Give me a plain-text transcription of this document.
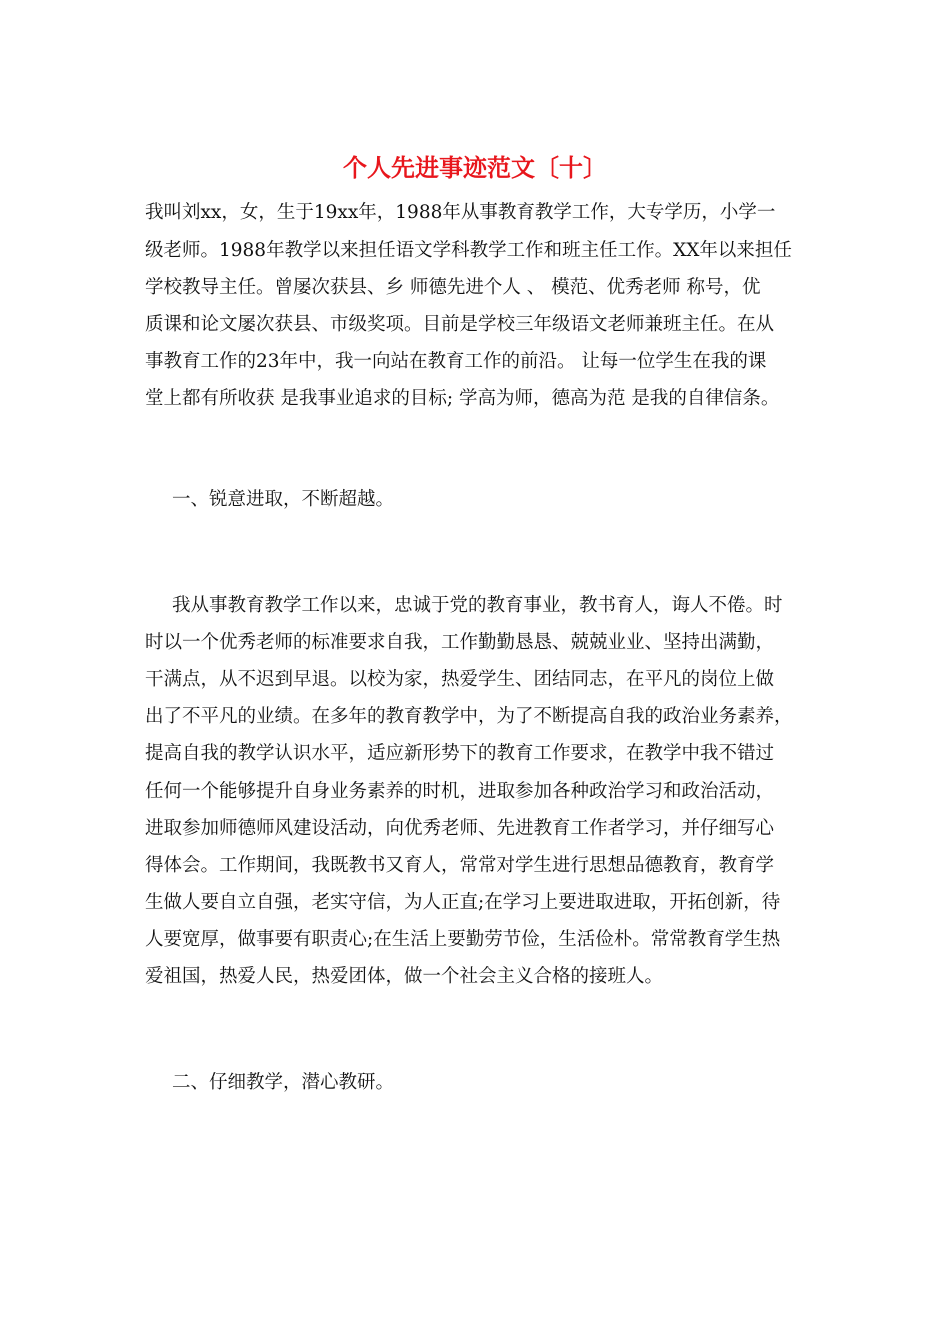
个人先进事迹范文〔十〕
我叫刘xx，女，生于19xx年，1988年从事教育教学工作，大专学历，小学一
级老师。1988年教学以来担任语文学科教学工作和班主任工作。XX年以来担任
学校教导主任。曾屡次获县、乡 师德先进个人 、 模范、优秀老师 称号，优
质课和论文屡次获县、市级奖项。目前是学校三年级语文老师兼班主任。在从
事教育工作的23年中，我一向站在教育工作的前沿。 让每一位学生在我的课
堂上都有所收获 是我事业追求的目标; 学高为师，德高为范 是我的自律信条。
一、锐意进取，不断超越。
我从事教育教学工作以来，忠诚于党的教育事业，教书育人，诲人不倦。时
时以一个优秀老师的标准要求自我，工作勤勤恳恳、兢兢业业、坚持出满勤，
干满点，从不迟到早退。以校为家，热爱学生、团结同志，在平凡的岗位上做
出了不平凡的业绩。在多年的教育教学中，为了不断提高自我的政治业务素养，
提高自我的教学认识水平，适应新形势下的教育工作要求，在教学中我不错过
任何一个能够提升自身业务素养的时机，进取参加各种政治学习和政治活动，
进取参加师德师风建设活动，向优秀老师、先进教育工作者学习，并仔细写心
得体会。工作期间，我既教书又育人，常常对学生进行思想品德教育，教育学
生做人要自立自强，老实守信，为人正直;在学习上要进取进取，开拓创新，待
人要宽厚，做事要有职责心;在生活上要勤劳节俭，生活俭朴。常常教育学生热
爱祖国，热爱人民，热爱团体，做一个社会主义合格的接班人。
二、仔细教学，潜心教研。
